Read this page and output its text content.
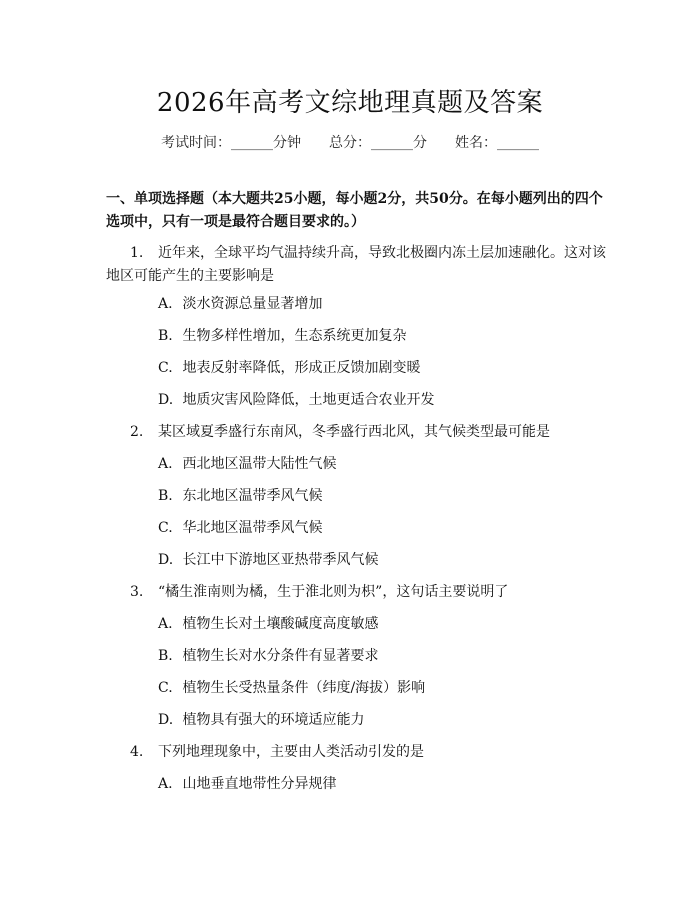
2026年高考文综地理真题及答案
考试时间：______分钟 总分：______分 姓名：______
一、单项选择题（本大题共25小题，每小题2分，共50分。在每小题列出的四个选项中，只有一项是最符合题目要求的。）
1. 近年来，全球平均气温持续升高，导致北极圈内冻土层加速融化。这对该地区可能产生的主要影响是
A. 淡水资源总量显著增加
B. 生物多样性增加，生态系统更加复杂
C. 地表反射率降低，形成正反馈加剧变暖
D. 地质灾害风险降低，土地更适合农业开发
2. 某区域夏季盛行东南风，冬季盛行西北风，其气候类型最可能是
A. 西北地区温带大陆性气候
B. 东北地区温带季风气候
C. 华北地区温带季风气候
D. 长江中下游地区亚热带季风气候
3. “橘生淮南则为橘，生于淮北则为枳”，这句话主要说明了
A. 植物生长对土壤酸碱度高度敏感
B. 植物生长对水分条件有显著要求
C. 植物生长受热量条件（纬度/海拔）影响
D. 植物具有强大的环境适应能力
4. 下列地理现象中，主要由人类活动引发的是
A. 山地垂直地带性分异规律
